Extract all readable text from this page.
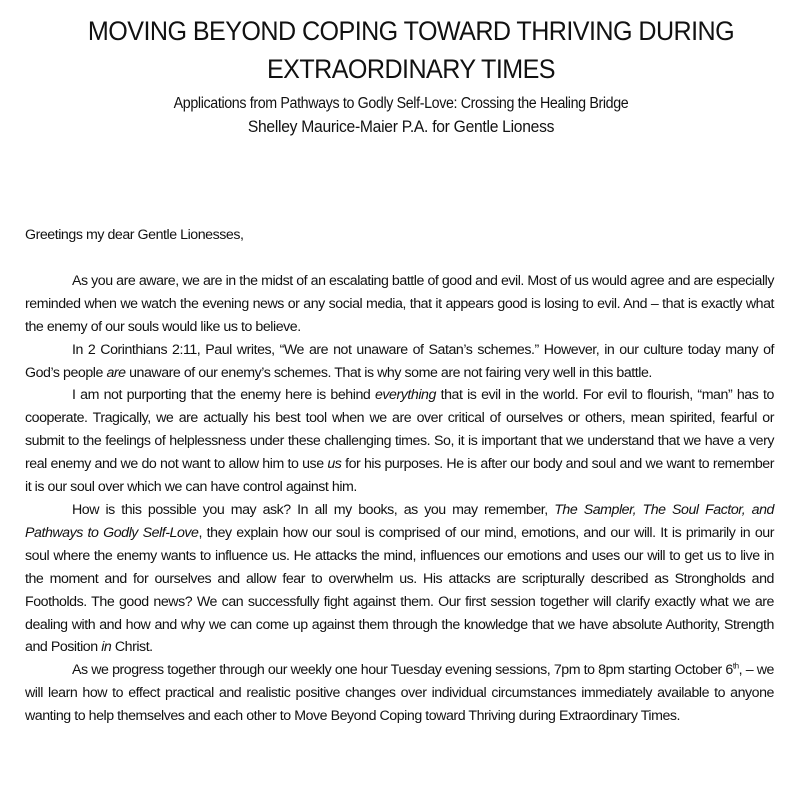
MOVING BEYOND COPING TOWARD THRIVING DURING EXTRAORDINARY TIMES

Applications from Pathways to Godly Self-Love: Crossing the Healing Bridge

Shelley Maurice-Maier P.A. for Gentle Lioness

Greetings my dear Gentle Lionesses,

As you are aware, we are in the midst of an escalating battle of good and evil. Most of us would agree and are especially reminded when we watch the evening news or any social media, that it appears good is losing to evil. And – that is exactly what the enemy of our souls would like us to believe.

In 2 Corinthians 2:11, Paul writes, “We are not unaware of Satan’s schemes.” However, in our culture today many of God’s people are unaware of our enemy’s schemes. That is why some are not fairing very well in this battle.

I am not purporting that the enemy here is behind everything that is evil in the world. For evil to flourish, “man” has to cooperate. Tragically, we are actually his best tool when we are over critical of ourselves or others, mean spirited, fearful or submit to the feelings of helplessness under these challenging times. So, it is important that we understand that we have a very real enemy and we do not want to allow him to use us for his purposes. He is after our body and soul and we want to remember it is our soul over which we can have control against him.

How is this possible you may ask? In all my books, as you may remember, The Sampler, The Soul Factor, and Pathways to Godly Self-Love, they explain how our soul is comprised of our mind, emotions, and our will. It is primarily in our soul where the enemy wants to influence us. He attacks the mind, influences our emotions and uses our will to get us to live in the moment and for ourselves and allow fear to overwhelm us. His attacks are scripturally described as Strongholds and Footholds. The good news? We can successfully fight against them. Our first session together will clarify exactly what we are dealing with and how and why we can come up against them through the knowledge that we have absolute Authority, Strength and Position in Christ.

As we progress together through our weekly one hour Tuesday evening sessions, 7pm to 8pm starting October 6th, – we will learn how to effect practical and realistic positive changes over individual circumstances immediately available to anyone wanting to help themselves and each other to Move Beyond Coping toward Thriving during Extraordinary Times.
